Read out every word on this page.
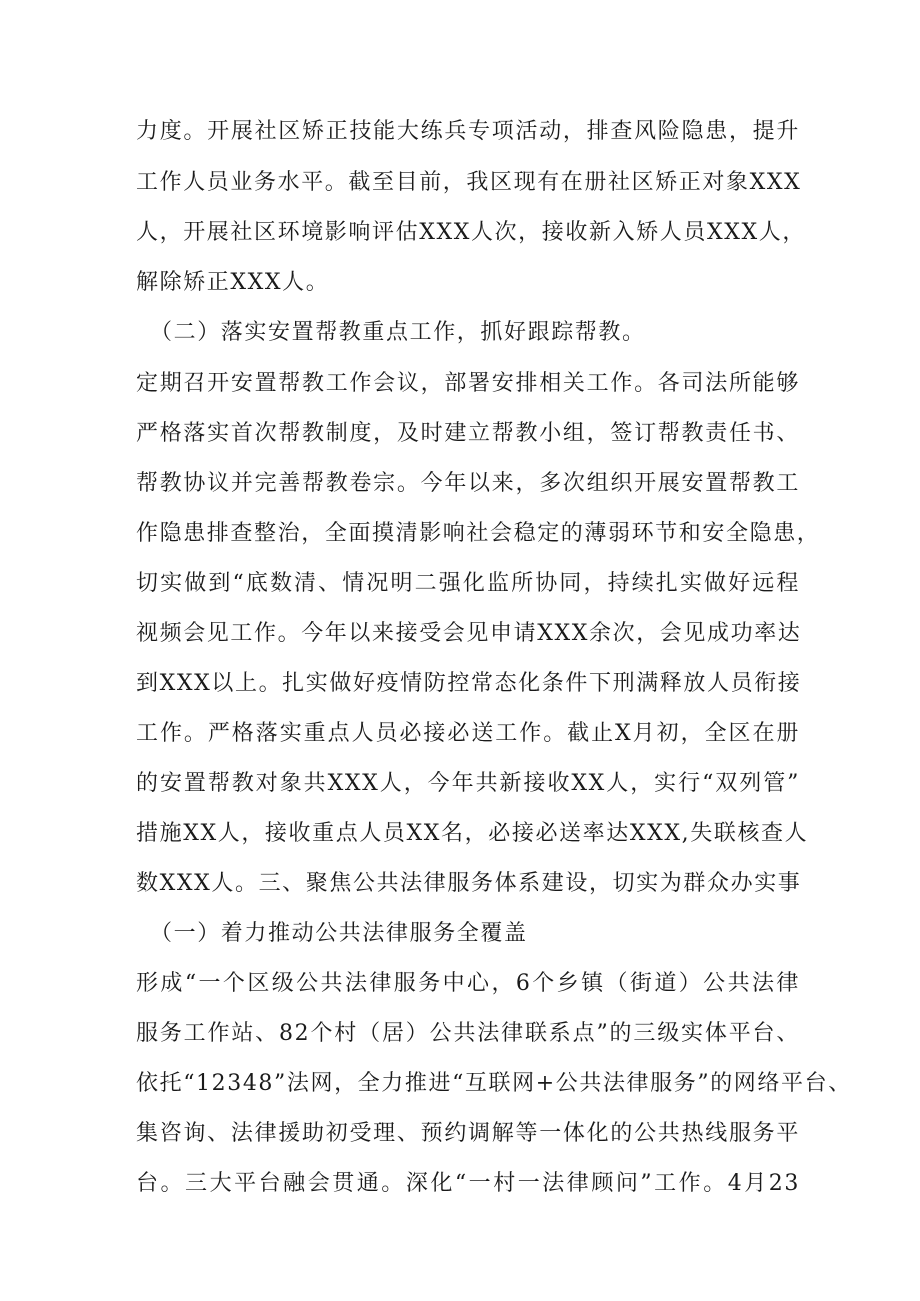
力度。开展社区矫正技能大练兵专项活动，排查风险隐患，提升
工作人员业务水平。截至目前，我区现有在册社区矫正对象XXX
人，开展社区环境影响评估XXX人次，接收新入矫人员XXX人，
解除矫正XXX人。
（二）落实安置帮教重点工作，抓好跟踪帮教。
定期召开安置帮教工作会议，部署安排相关工作。各司法所能够
严格落实首次帮教制度，及时建立帮教小组，签订帮教责任书、
帮教协议并完善帮教卷宗。今年以来，多次组织开展安置帮教工
作隐患排查整治，全面摸清影响社会稳定的薄弱环节和安全隐患，
切实做到“底数清、情况明二强化监所协同，持续扎实做好远程
视频会见工作。今年以来接受会见申请XXX余次，会见成功率达
到XXX以上。扎实做好疫情防控常态化条件下刑满释放人员衔接
工作。严格落实重点人员必接必送工作。截止X月初，全区在册
的安置帮教对象共XXX人，今年共新接收XX人，实行“双列管”
措施XX人，接收重点人员XX名，必接必送率达XXX,失联核查人
数XXX人。三、聚焦公共法律服务体系建设，切实为群众办实事
（一）着力推动公共法律服务全覆盖
形成“一个区级公共法律服务中心，6个乡镇（街道）公共法律
服务工作站、82个村（居）公共法律联系点”的三级实体平台、
依托“12348”法网，全力推进“互联网+公共法律服务”的网络平台、
集咨询、法律援助初受理、预约调解等一体化的公共热线服务平
台。三大平台融会贯通。深化“一村一法律顾问”工作。4月23
